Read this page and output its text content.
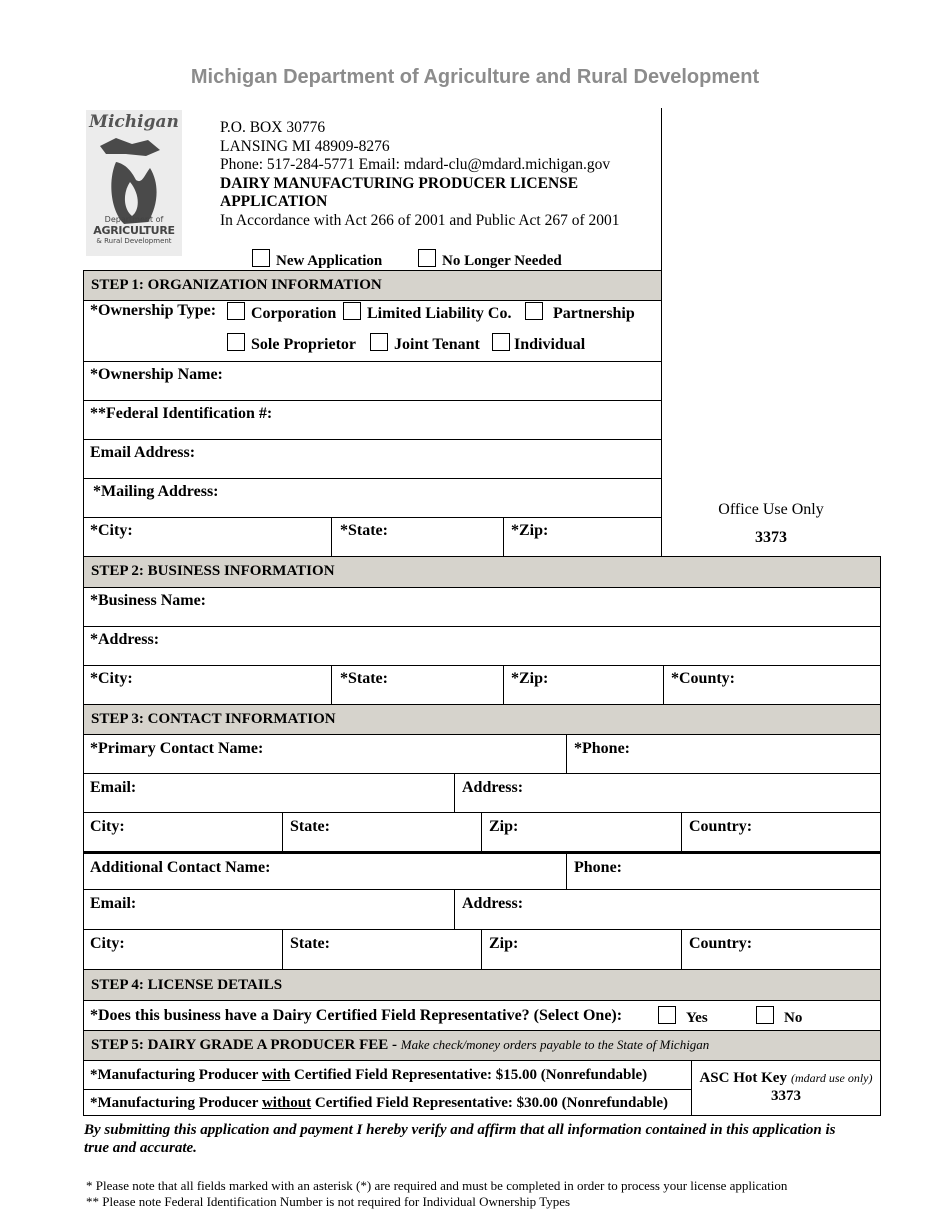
Michigan Department of Agriculture and Rural Development
Michigan
Department of
AGRICULTURE
& Rural Development
P.O. BOX 30776
LANSING MI 48909-8276
Phone: 517-284-5771 Email: mdard-clu@mdard.michigan.gov
DAIRY MANUFACTURING PRODUCER LICENSE
APPLICATION
In Accordance with Act 266 of 2001 and Public Act 267 of 2001
New Application	No Longer Needed
Office Use Only
3373
STEP 1: ORGANIZATION INFORMATION
*Ownership Type:	Corporation	Limited Liability Co.	Partnership
Sole Proprietor	Joint Tenant	Individual
*Ownership Name:
**Federal Identification #:
Email Address:
*Mailing Address:
*City:	*State:	*Zip:
STEP 2: BUSINESS INFORMATION
*Business Name:
*Address:
*City:	*State:	*Zip:	*County:
STEP 3: CONTACT INFORMATION
*Primary Contact Name:	*Phone:
Email:	Address:
City:	State:	Zip:	Country:
Additional Contact Name:	Phone:
Email:	Address:
City:	State:	Zip:	Country:
STEP 4: LICENSE DETAILS
*Does this business have a Dairy Certified Field Representative? (Select One):	Yes	No
STEP 5: DAIRY GRADE A PRODUCER FEE - Make check/money orders payable to the State of Michigan
*Manufacturing Producer with Certified Field Representative: $15.00 (Nonrefundable)
*Manufacturing Producer without Certified Field Representative: $30.00 (Nonrefundable)
ASC Hot Key (mdard use only)
3373
By submitting this application and payment I hereby verify and affirm that all information contained in this application is
true and accurate.
* Please note that all fields marked with an asterisk (*) are required and must be completed in order to process your license application
** Please note Federal Identification Number is not required for Individual Ownership Types
